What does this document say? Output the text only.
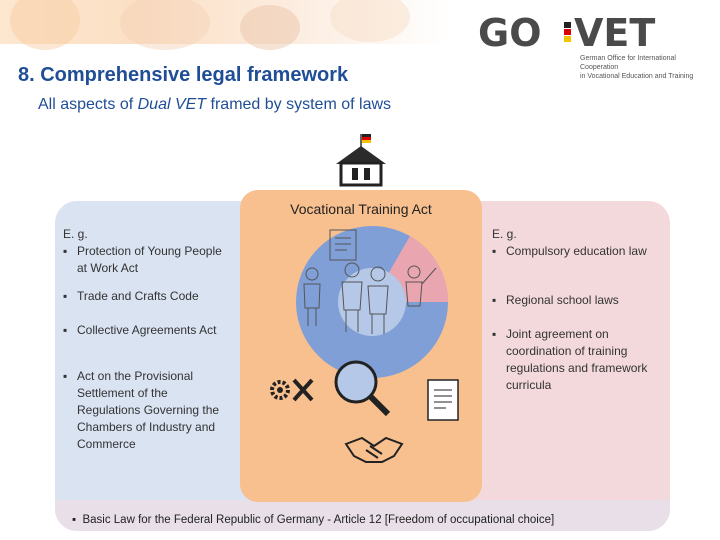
GO VET
German Office for International Cooperation
in Vocational Education and Training
8. Comprehensive legal framework
All aspects of Dual VET framed by system of laws
Vocational Training Act
E. g.
▪ Protection of Young People at Work Act
▪ Trade and Crafts Code
▪ Collective Agreements Act
▪ Act on the Provisional Settlement of the Regulations Governing the Chambers of Industry and Commerce
E. g.
▪ Compulsory education law
▪ Regional school laws
▪ Joint agreement on coordination of training regulations and framework curricula
▪ Basic Law for the Federal Republic of Germany - Article 12 [Freedom of occupational choice]
